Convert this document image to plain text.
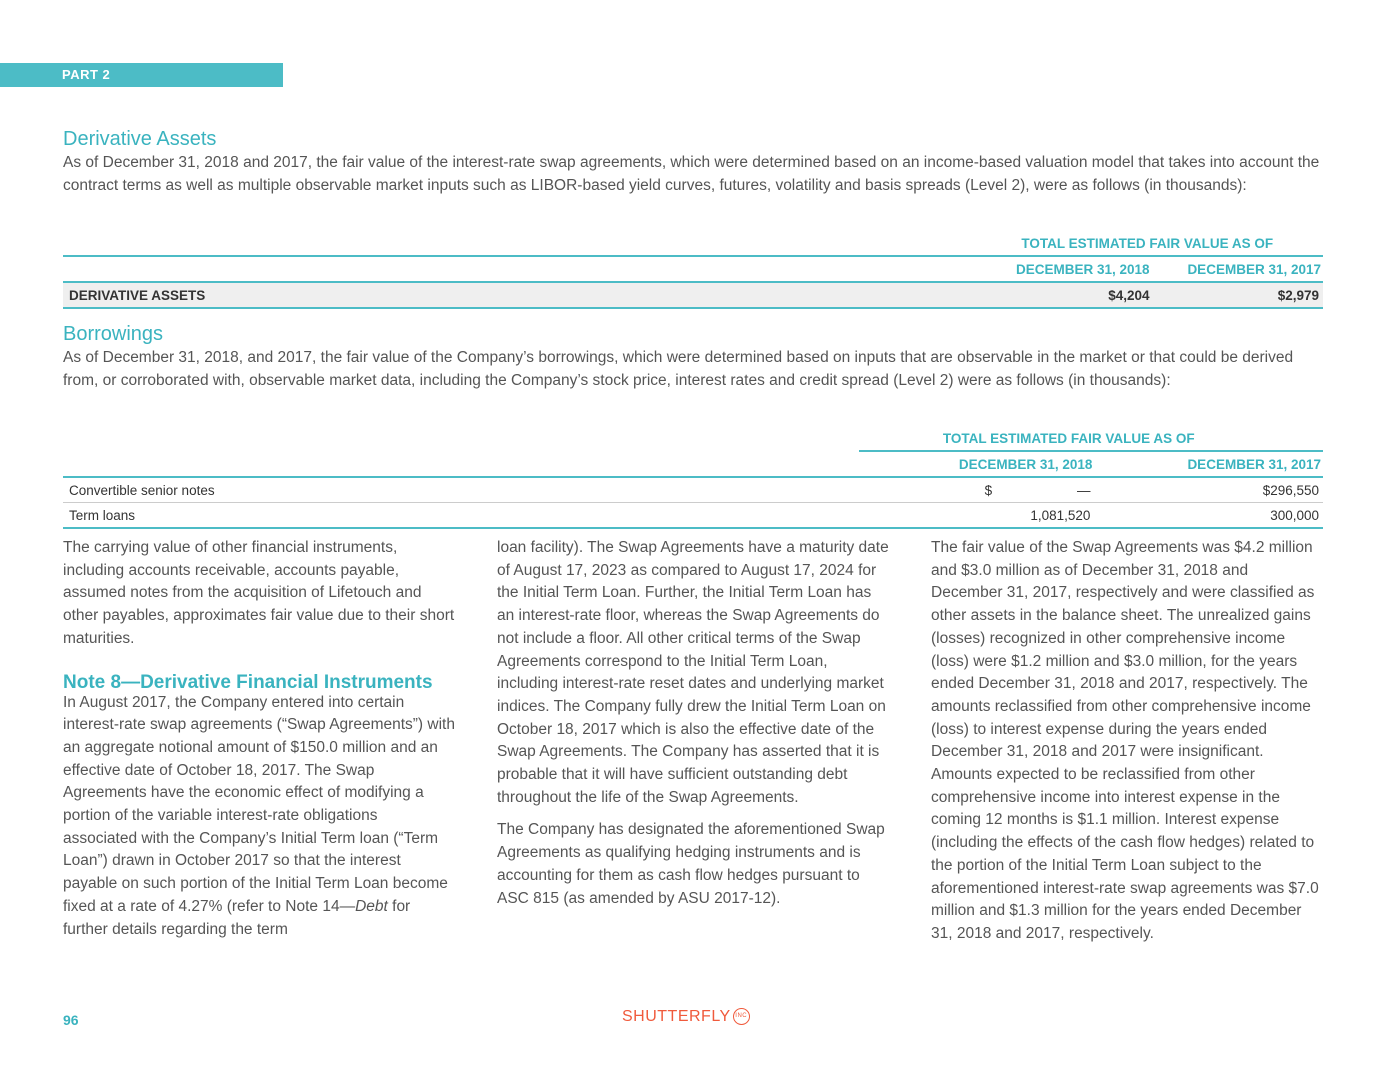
PART 2
Derivative Assets

As of December 31, 2018 and 2017, the fair value of the interest-rate swap agreements, which were determined based on an income-based valuation model that takes into account the contract terms as well as multiple observable market inputs such as LIBOR-based yield curves, futures, volatility and basis spreads (Level 2), were as follows (in thousands):

	TOTAL ESTIMATED FAIR VALUE AS OF	
	DECEMBER 31, 2018	DECEMBER 31, 2017
DERIVATIVE ASSETS	$4,204	$2,979
Borrowings

As of December 31, 2018, and 2017, the fair value of the Company’s borrowings, which were determined based on inputs that are observable in the market or that could be derived from, or corroborated with, observable market data, including the Company’s stock price, interest rates and credit spread (Level 2) were as follows (in thousands):

	TOTAL ESTIMATED FAIR VALUE AS OF	
	DECEMBER 31, 2018	DECEMBER 31, 2017
Convertible senior notes	$ —	$296,550
Term loans	1,081,520	300,000

The carrying value of other financial instruments, including accounts receivable, accounts payable, assumed notes from the acquisition of Lifetouch and other payables, approximates fair value due to their short maturities.

Note 8—Derivative Financial Instruments

In August 2017, the Company entered into certain interest-rate swap agreements (“Swap Agreements”) with an aggregate notional amount of $150.0 million and an effective date of October 18, 2017. The Swap Agreements have the economic effect of modifying a portion of the variable interest-rate obligations associated with the Company’s Initial Term loan (“Term Loan”) drawn in October 2017 so that the interest payable on such portion of the Initial Term Loan become fixed at a rate of 4.27% (refer to Note 14—Debt for further details regarding the term

loan facility). The Swap Agreements have a maturity date of August 17, 2023 as compared to August 17, 2024 for the Initial Term Loan. Further, the Initial Term Loan has an interest-rate floor, whereas the Swap Agreements do not include a floor. All other critical terms of the Swap Agreements correspond to the Initial Term Loan, including interest-rate reset dates and underlying market indices. The Company fully drew the Initial Term Loan on October 18, 2017 which is also the effective date of the Swap Agreements. The Company has asserted that it is probable that it will have sufficient outstanding debt throughout the life of the Swap Agreements.

The Company has designated the aforementioned Swap Agreements as qualifying hedging instruments and is accounting for them as cash flow hedges pursuant to ASC 815 (as amended by ASU 2017-12).

The fair value of the Swap Agreements was $4.2 million and $3.0 million as of December 31, 2018 and December 31, 2017, respectively and were classified as other assets in the balance sheet. The unrealized gains (losses) recognized in other comprehensive income (loss) were $1.2 million and $3.0 million, for the years ended December 31, 2018 and 2017, respectively. The amounts reclassified from other comprehensive income (loss) to interest expense during the years ended December 31, 2018 and 2017 were insignificant. Amounts expected to be reclassified from other comprehensive income into interest expense in the coming 12 months is $1.1 million. Interest expense (including the effects of the cash flow hedges) related to the portion of the Initial Term Loan subject to the aforementioned interest-rate swap agreements was $7.0 million and $1.3 million for the years ended December 31, 2018 and 2017, respectively.

96	SHUTTERFLY INC
